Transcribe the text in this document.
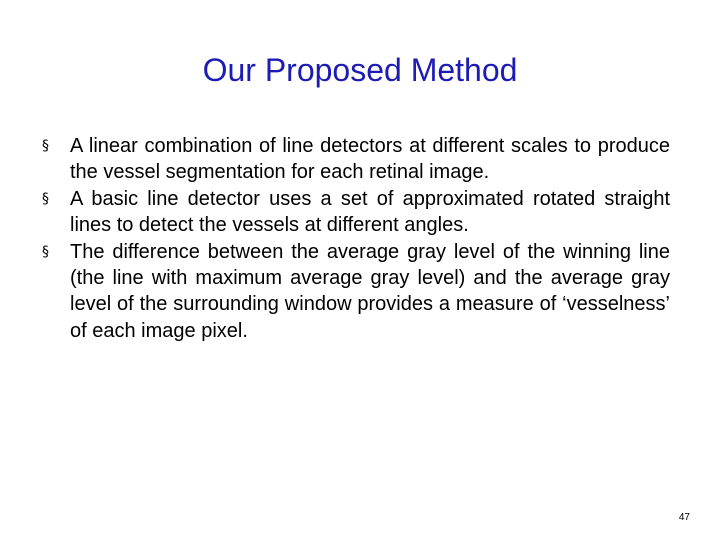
Our Proposed Method
§ A linear combination of line detectors at different scales to produce the vessel segmentation for each retinal image.
§ A basic line detector uses a set of approximated rotated straight lines to detect the vessels at different angles.
§ The difference between the average gray level of the winning line (the line with maximum average gray level) and the average gray level of the surrounding window provides a measure of ‘vesselness’ of each image pixel.
47
